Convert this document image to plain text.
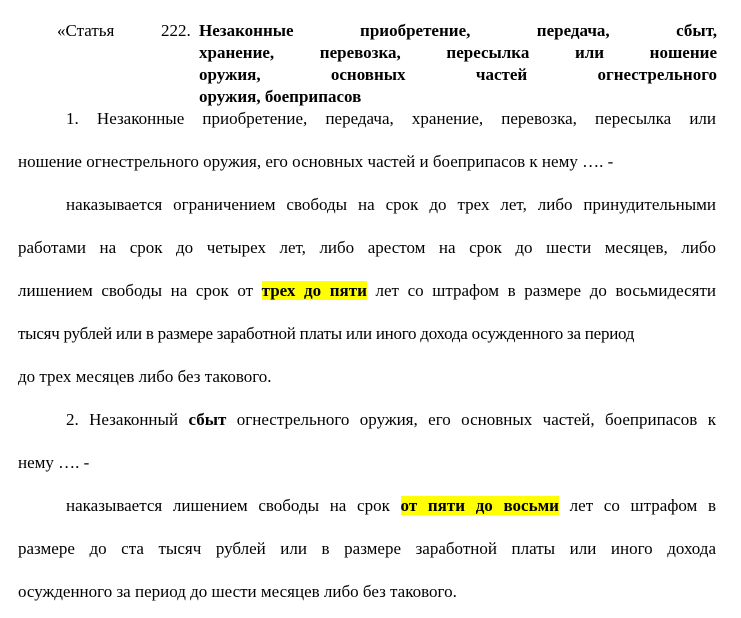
«Статья	222. Незаконные приобретение, передача, сбыт,
хранение, перевозка, пересылка или ношение
оружия, основных частей огнестрельного
оружия, боеприпасов
1. Незаконные приобретение, передача, хранение, перевозка, пересылка или
ношение огнестрельного оружия, его основных частей и боеприпасов к нему …. -
наказывается ограничением свободы на срок до трех лет, либо принудительными
работами на срок до четырех лет, либо арестом на срок до шести месяцев, либо
лишением свободы на срок от трех до пяти лет со штрафом в размере до восьмидесяти
тысяч рублей или в размере заработной платы или иного дохода осужденного за период
до трех месяцев либо без такового.
2. Незаконный сбыт огнестрельного оружия, его основных частей, боеприпасов к
нему …. -
наказывается лишением свободы на срок от пяти до восьми лет со штрафом в
размере до ста тысяч рублей или в размере заработной платы или иного дохода
осужденного за период до шести месяцев либо без такового.
